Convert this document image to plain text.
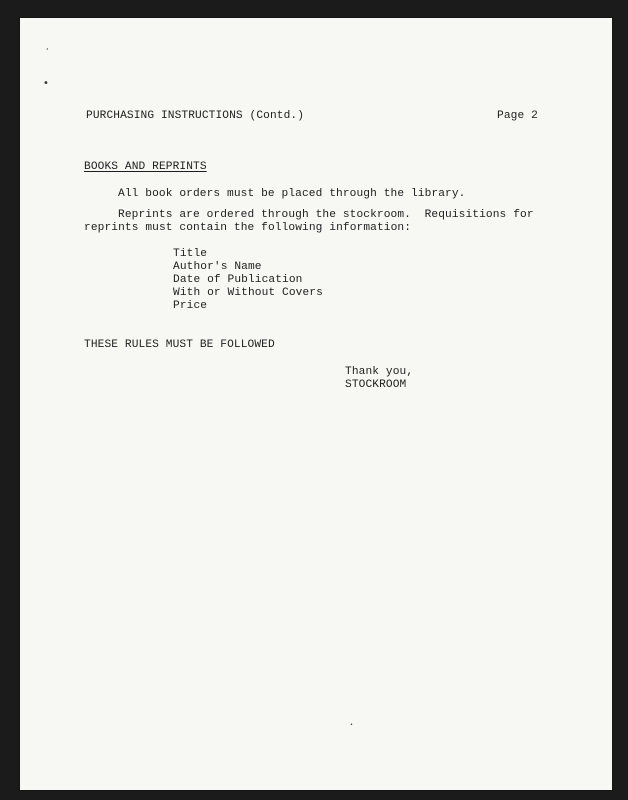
‘
•
PURCHASING INSTRUCTIONS (Contd.)	Page 2
BOOKS AND REPRINTS
All book orders must be placed through the library.
Reprints are ordered through the stockroom.  Requisitions for
reprints must contain the following information:
Title
Author's Name
Date of Publication
With or Without Covers
Price
THESE RULES MUST BE FOLLOWED
Thank you,
STOCKROOM
•
